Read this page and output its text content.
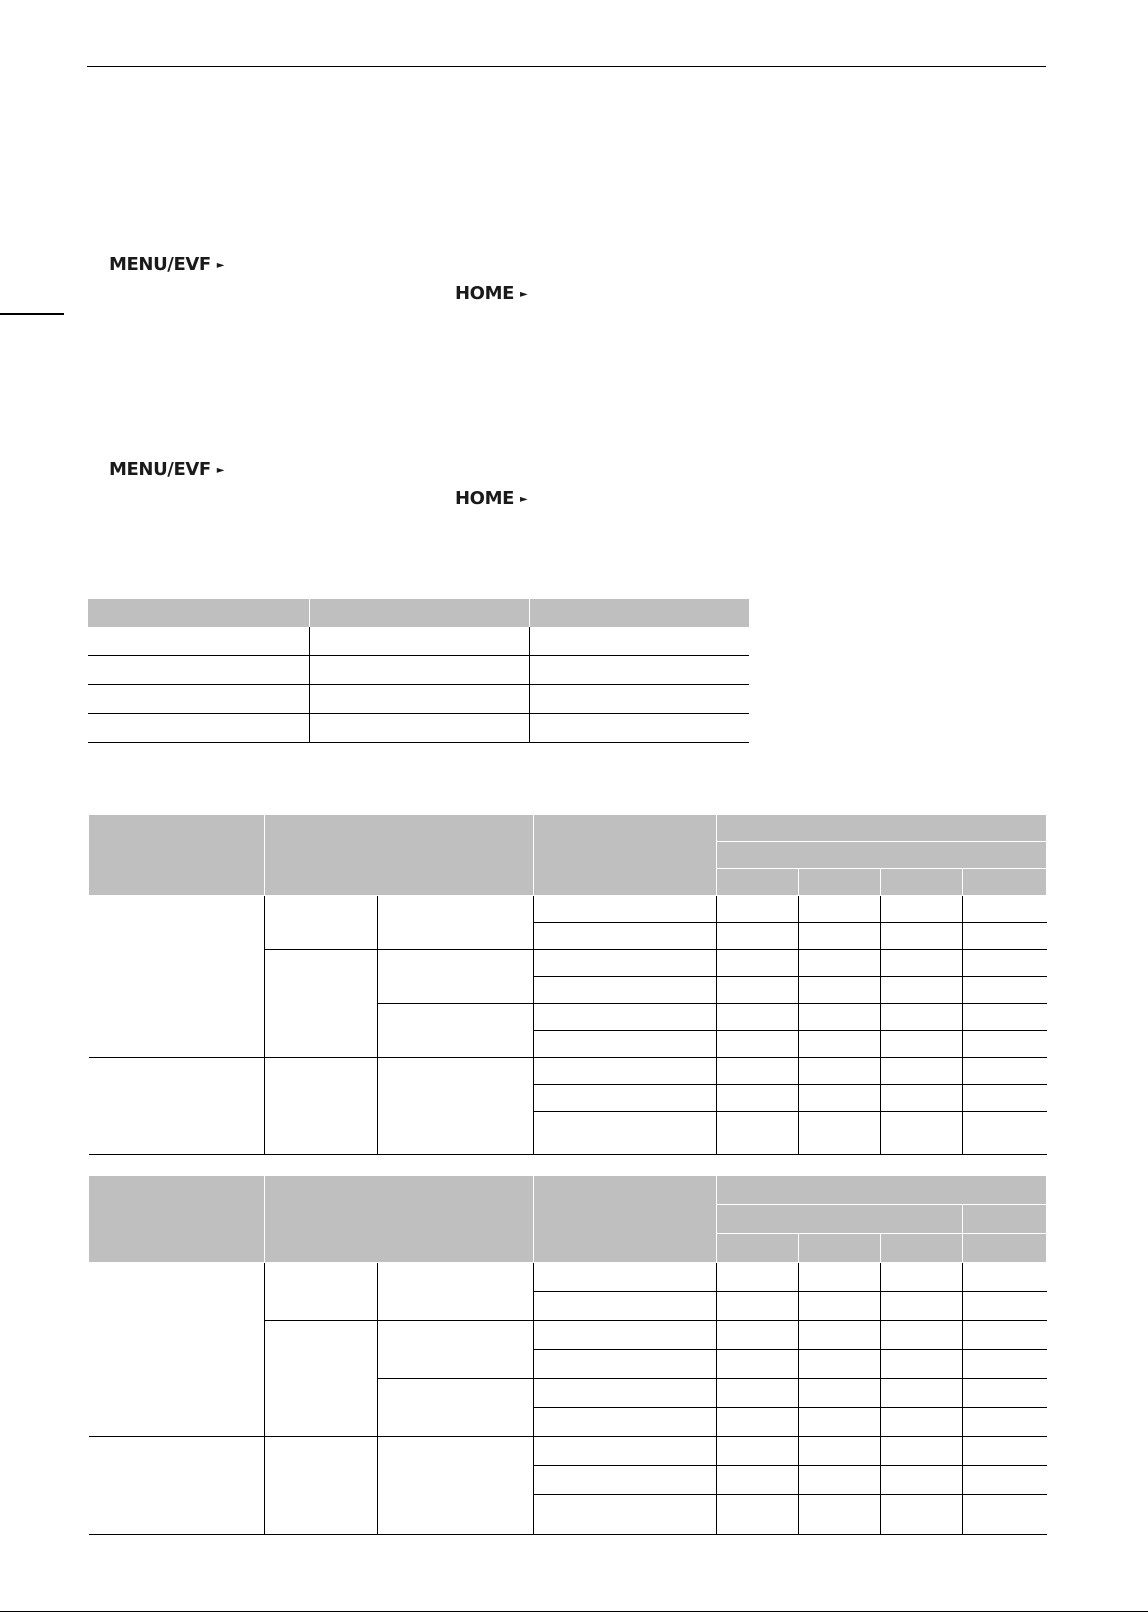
MENU/EVF ►
HOME ►
MENU/EVF ►
HOME ►
